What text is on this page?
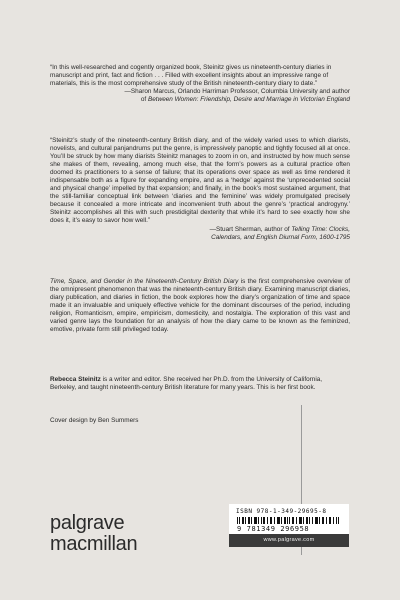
“In this well-researched and cogently organized book, Steinitz gives us nineteenth-century diaries in manuscript and print, fact and fiction . . . Filled with excellent insights about an impressive range of materials, this is the most comprehensive study of the British nineteenth-century diary to date.”

—Sharon Marcus, Orlando Harriman Professor, Columbia University and author
of Between Women: Friendship, Desire and Marriage in Victorian England

“Steinitz’s study of the nineteenth-century British diary, and of the widely varied uses to which diarists, novelists, and cultural panjandrums put the genre, is impressively panoptic and tightly focused all at once. You’ll be struck by how many diarists Steinitz manages to zoom in on, and instructed by how much sense she makes of them, revealing, among much else, that the form’s powers as a cultural practice often doomed its practitioners to a sense of failure; that its operations over space as well as time rendered it indispensable both as a figure for expanding empire, and as a ‘hedge’ against the ‘unprecedented social and physical change’ impelled by that expansion; and finally, in the book’s most sustained argument, that the still-familiar conceptual link between ‘diaries and the feminine’ was widely promulgated precisely because it concealed a more intricate and inconvenient truth about the genre’s ‘practical androgyny.’ Steinitz accomplishes all this with such prestidigital dexterity that while it’s hard to see exactly how she does it, it’s easy to savor how well.”

—Stuart Sherman, author of Telling Time: Clocks,
Calendars, and English Diurnal Form, 1600-1795

Time, Space, and Gender in the Nineteenth-Century British Diary is the first comprehensive overview of the omnipresent phenomenon that was the nineteenth-century British diary. Examining manuscript diaries, diary publication, and diaries in fiction, the book explores how the diary’s organization of time and space made it an invaluable and uniquely effective vehicle for the dominant discourses of the period, including religion, Romanticism, empire, empiricism, domesticity, and nostalgia. The exploration of this vast and varied genre lays the foundation for an analysis of how the diary came to be known as the feminized, emotive, private form still privileged today.

Rebecca Steinitz is a writer and editor. She received her Ph.D. from the University of California, Berkeley, and taught nineteenth-century British literature for many years. This is her first book.

Cover design by Ben Summers

palgrave
macmillan
ISBN 978-1-349-29695-8
www.palgrave.com
9 781349 296958
